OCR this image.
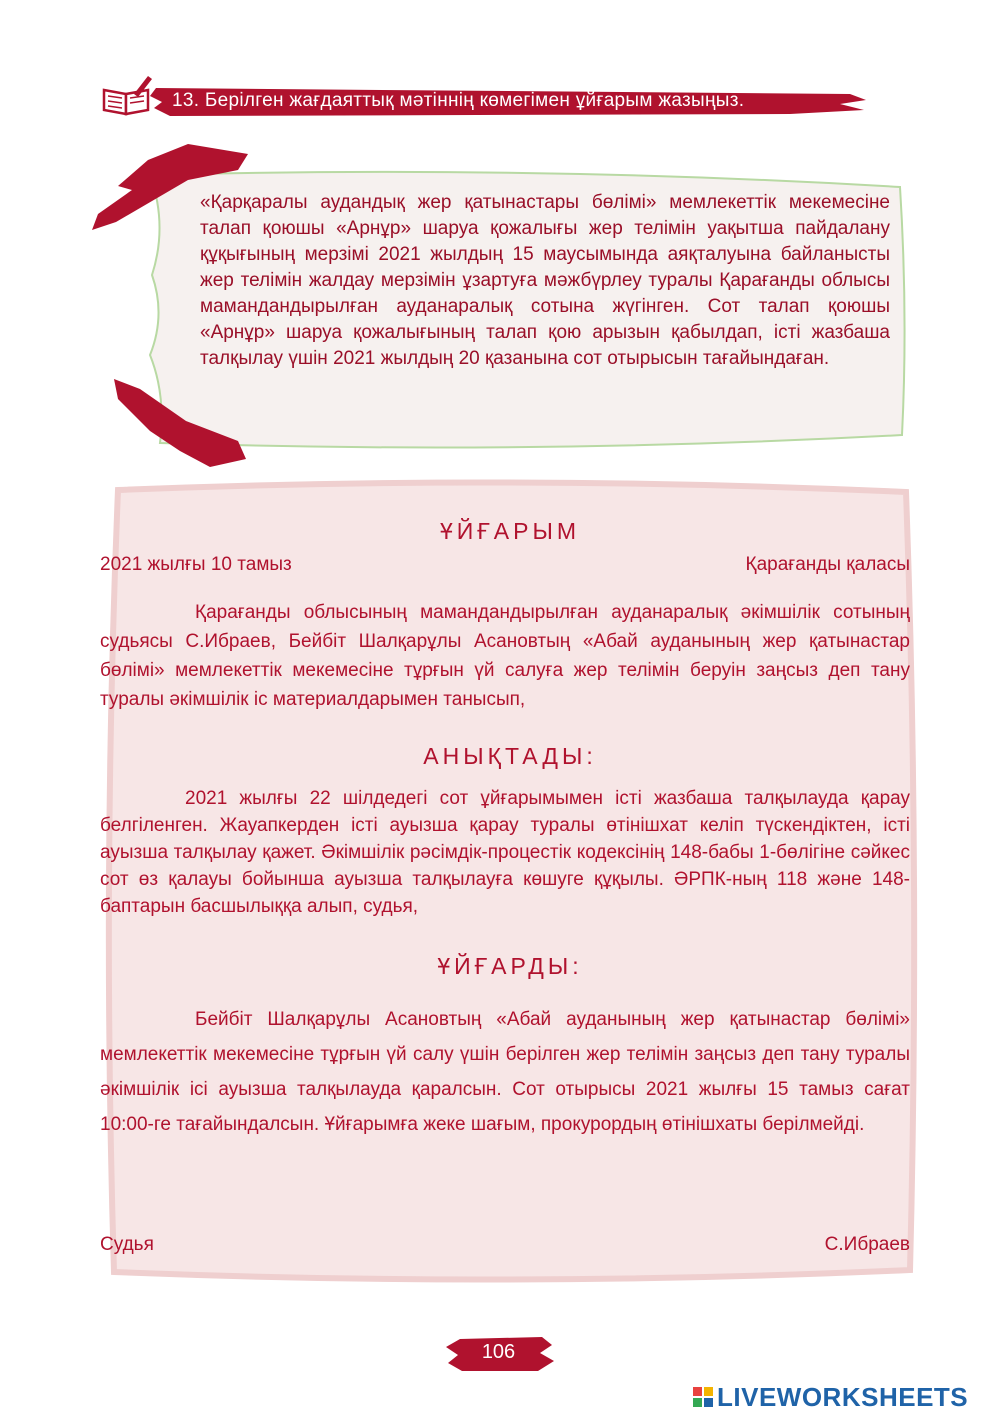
13. Берілген жағдаяттық мәтіннің көмегімен ұйғарым жазыңыз.
«Қарқаралы аудандық жер қатынастары бөлімі» мемлекеттік мекемесіне талап қоюшы «Арнұр» шаруа қожалығы жер телімін уақытша пайдалану құқығының мерзімі 2021 жылдың 15 маусымында аяқталуына байланысты жер телімін жалдау мерзімін ұзартуға мәжбүрлеу туралы Қарағанды облысы мамандандырылған ауданаралық сотына жүгінген. Сот талап қоюшы «Арнұр» шаруа қожалығының талап қою арызын қабылдап, істі жазбаша талқылау үшін 2021 жылдың 20 қазанына сот отырысын тағайындаған.
ҰЙҒАРЫМ
2021 жылғы 10 тамыз	Қарағанды қаласы
Қарағанды облысының мамандандырылған ауданаралық әкімшілік сотының судьясы С.Ибраев, Бейбіт Шалқарұлы Асановтың «Абай ауданының жер қатынастар бөлімі» мемлекеттік мекемесіне тұрғын үй салуға жер телімін беруін заңсыз деп тану туралы әкімшілік іс материалдарымен танысып,
АНЫҚТАДЫ:
2021 жылғы 22 шілдедегі сот ұйғарымымен істі жазбаша талқылауда қарау белгіленген. Жауапкерден істі ауызша қарау туралы өтінішхат келіп түскендіктен, істі ауызша талқылау қажет. Әкімшілік рәсімдік-процестік кодексінің 148-бабы 1-бөлігіне сәйкес сот өз қалауы бойынша ауызша талқылауға көшуге құқылы. ӘРПК-ның 118 және 148-баптарын басшылыққа алып, судья,
ҰЙҒАРДЫ:
Бейбіт Шалқарұлы Асановтың «Абай ауданының жер қатынастар бөлімі» мемлекеттік мекемесіне тұрғын үй салу үшін берілген жер телімін заңсыз деп тану туралы әкімшілік ісі ауызша талқылауда қаралсын. Сот отырысы 2021 жылғы 15 тамыз сағат 10:00-ге тағайындалсын. Ұйғарымға жеке шағым, прокурордың өтінішхаты берілмейді.
Судья	С.Ибраев
106
LIVEWORKSHEETS
